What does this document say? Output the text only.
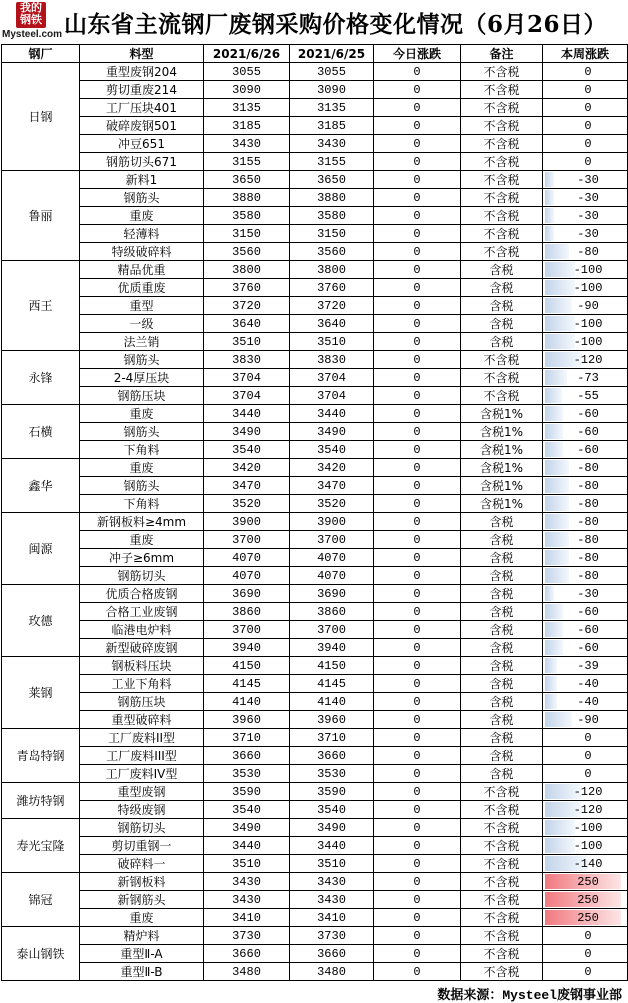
我的钢铁
Mysteel.com 山东省主流钢厂废钢采购价格变化情况（6月26日）
钢厂	料型	2021/6/26	2021/6/25	今日涨跌	备注	本周涨跌
日钢	重型废钢204	3055	3055	0	不含税	0
	剪切重废214	3090	3090	0	不含税	0
	工厂压块401	3135	3135	0	不含税	0
	破碎废钢501	3185	3185	0	不含税	0
	冲豆651	3430	3430	0	不含税	0
	钢筋切头671	3155	3155	0	不含税	0
鲁丽	新料1	3650	3650	0	不含税	-30
	钢筋头	3880	3880	0	不含税	-30
	重废	3580	3580	0	不含税	-30
	轻薄料	3150	3150	0	不含税	-30
	特级破碎料	3560	3560	0	不含税	-80
西王	精品优重	3800	3800	0	含税	-100
	优质重废	3760	3760	0	含税	-100
	重型	3720	3720	0	含税	-90
	一级	3640	3640	0	含税	-100
	法兰销	3510	3510	0	含税	-100
永锋	钢筋头	3830	3830	0	不含税	-120
	2-4厚压块	3704	3704	0	不含税	-73
	钢筋压块	3704	3704	0	不含税	-55
石横	重废	3440	3440	0	含税1%	-60
	钢筋头	3490	3490	0	含税1%	-60
	下角料	3540	3540	0	含税1%	-60
鑫华	重废	3420	3420	0	含税1%	-80
	钢筋头	3470	3470	0	含税1%	-80
	下角料	3520	3520	0	含税1%	-80
闽源	新钢板料≥4mm	3900	3900	0	含税	-80
	重废	3700	3700	0	含税	-80
	冲子≥6mm	4070	4070	0	含税	-80
	钢筋切头	4070	4070	0	含税	-80
玫德	优质合格废钢	3690	3690	0	含税	-30
	合格工业废钢	3860	3860	0	含税	-60
	临港电炉料	3700	3700	0	含税	-60
	新型破碎废钢	3940	3940	0	含税	-60
莱钢	钢板料压块	4150	4150	0	含税	-39
	工业下角料	4145	4145	0	含税	-40
	钢筋压块	4140	4140	0	含税	-40
	重型破碎料	3960	3960	0	含税	-90
青岛特钢	工厂废料II型	3710	3710	0	含税	0
	工厂废料III型	3660	3660	0	含税	0
	工厂废料IV型	3530	3530	0	含税	0
潍坊特钢	重型废钢	3590	3590	0	不含税	-120
	特级废钢	3540	3540	0	不含税	-120
寿光宝隆	钢筋切头	3490	3490	0	不含税	-100
	剪切重钢一	3440	3440	0	不含税	-100
	破碎料一	3510	3510	0	不含税	-140
锦冠	新钢板料	3430	3430	0	不含税	250
	新钢筋头	3430	3430	0	不含税	250
	重废	3410	3410	0	不含税	250
泰山钢铁	精炉料	3730	3730	0	不含税	0
	重型Ⅱ-A	3660	3660	0	不含税	0
	重型Ⅱ-B	3480	3480	0	不含税	0
数据来源：Mysteel废钢事业部
